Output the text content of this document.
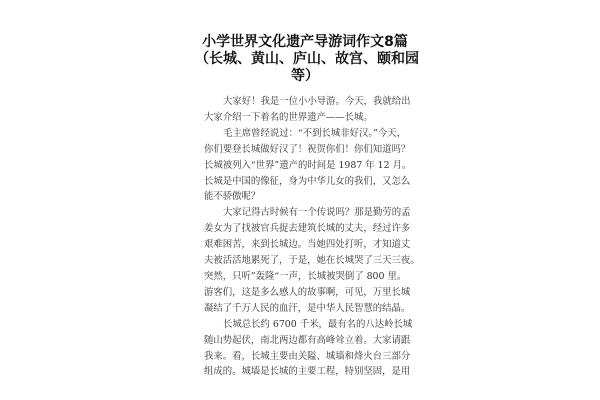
小学世界文化遗产导游词作文8篇
（长城、黄山、庐山、故宫、颐和园
等）

大家好！我是一位小小导游。今天，我就给出
大家介绍一下着名的世界遗产——长城。

毛主席曾经说过：“不到长城非好汉。”今天，
你们要登长城做好汉了！祝贺你们！你们知道吗？
长城被列入“世界”遗产的时间是 1987 年 12 月。
长城是中国的像征，身为中华儿女的我们，又怎么
能不骄傲呢？

大家记得古时候有一个传说吗？那是勤劳的孟
姜女为了找被官兵捉去建筑长城的丈夫，经过许多
艰难困苦，来到长城边。当她四处打听，才知道丈
夫被活活地累死了，于是，她在长城哭了三天三夜。
突然，只听”轰隆“一声，长城被哭倒了 800 里。
游客们，这是多么感人的故事啊，可见，万里长城
凝结了千万人民的血汗，是中华人民智慧的结晶。

长城总长约 6700 千米，最有名的八达岭长城
随山势起伏，南北两边都有高峰耸立着。大家请跟
我来。看，长城主要由关隘、城墙和烽火台三部分
组成的。城墙是长城的主要工程，特别坚固，是用
